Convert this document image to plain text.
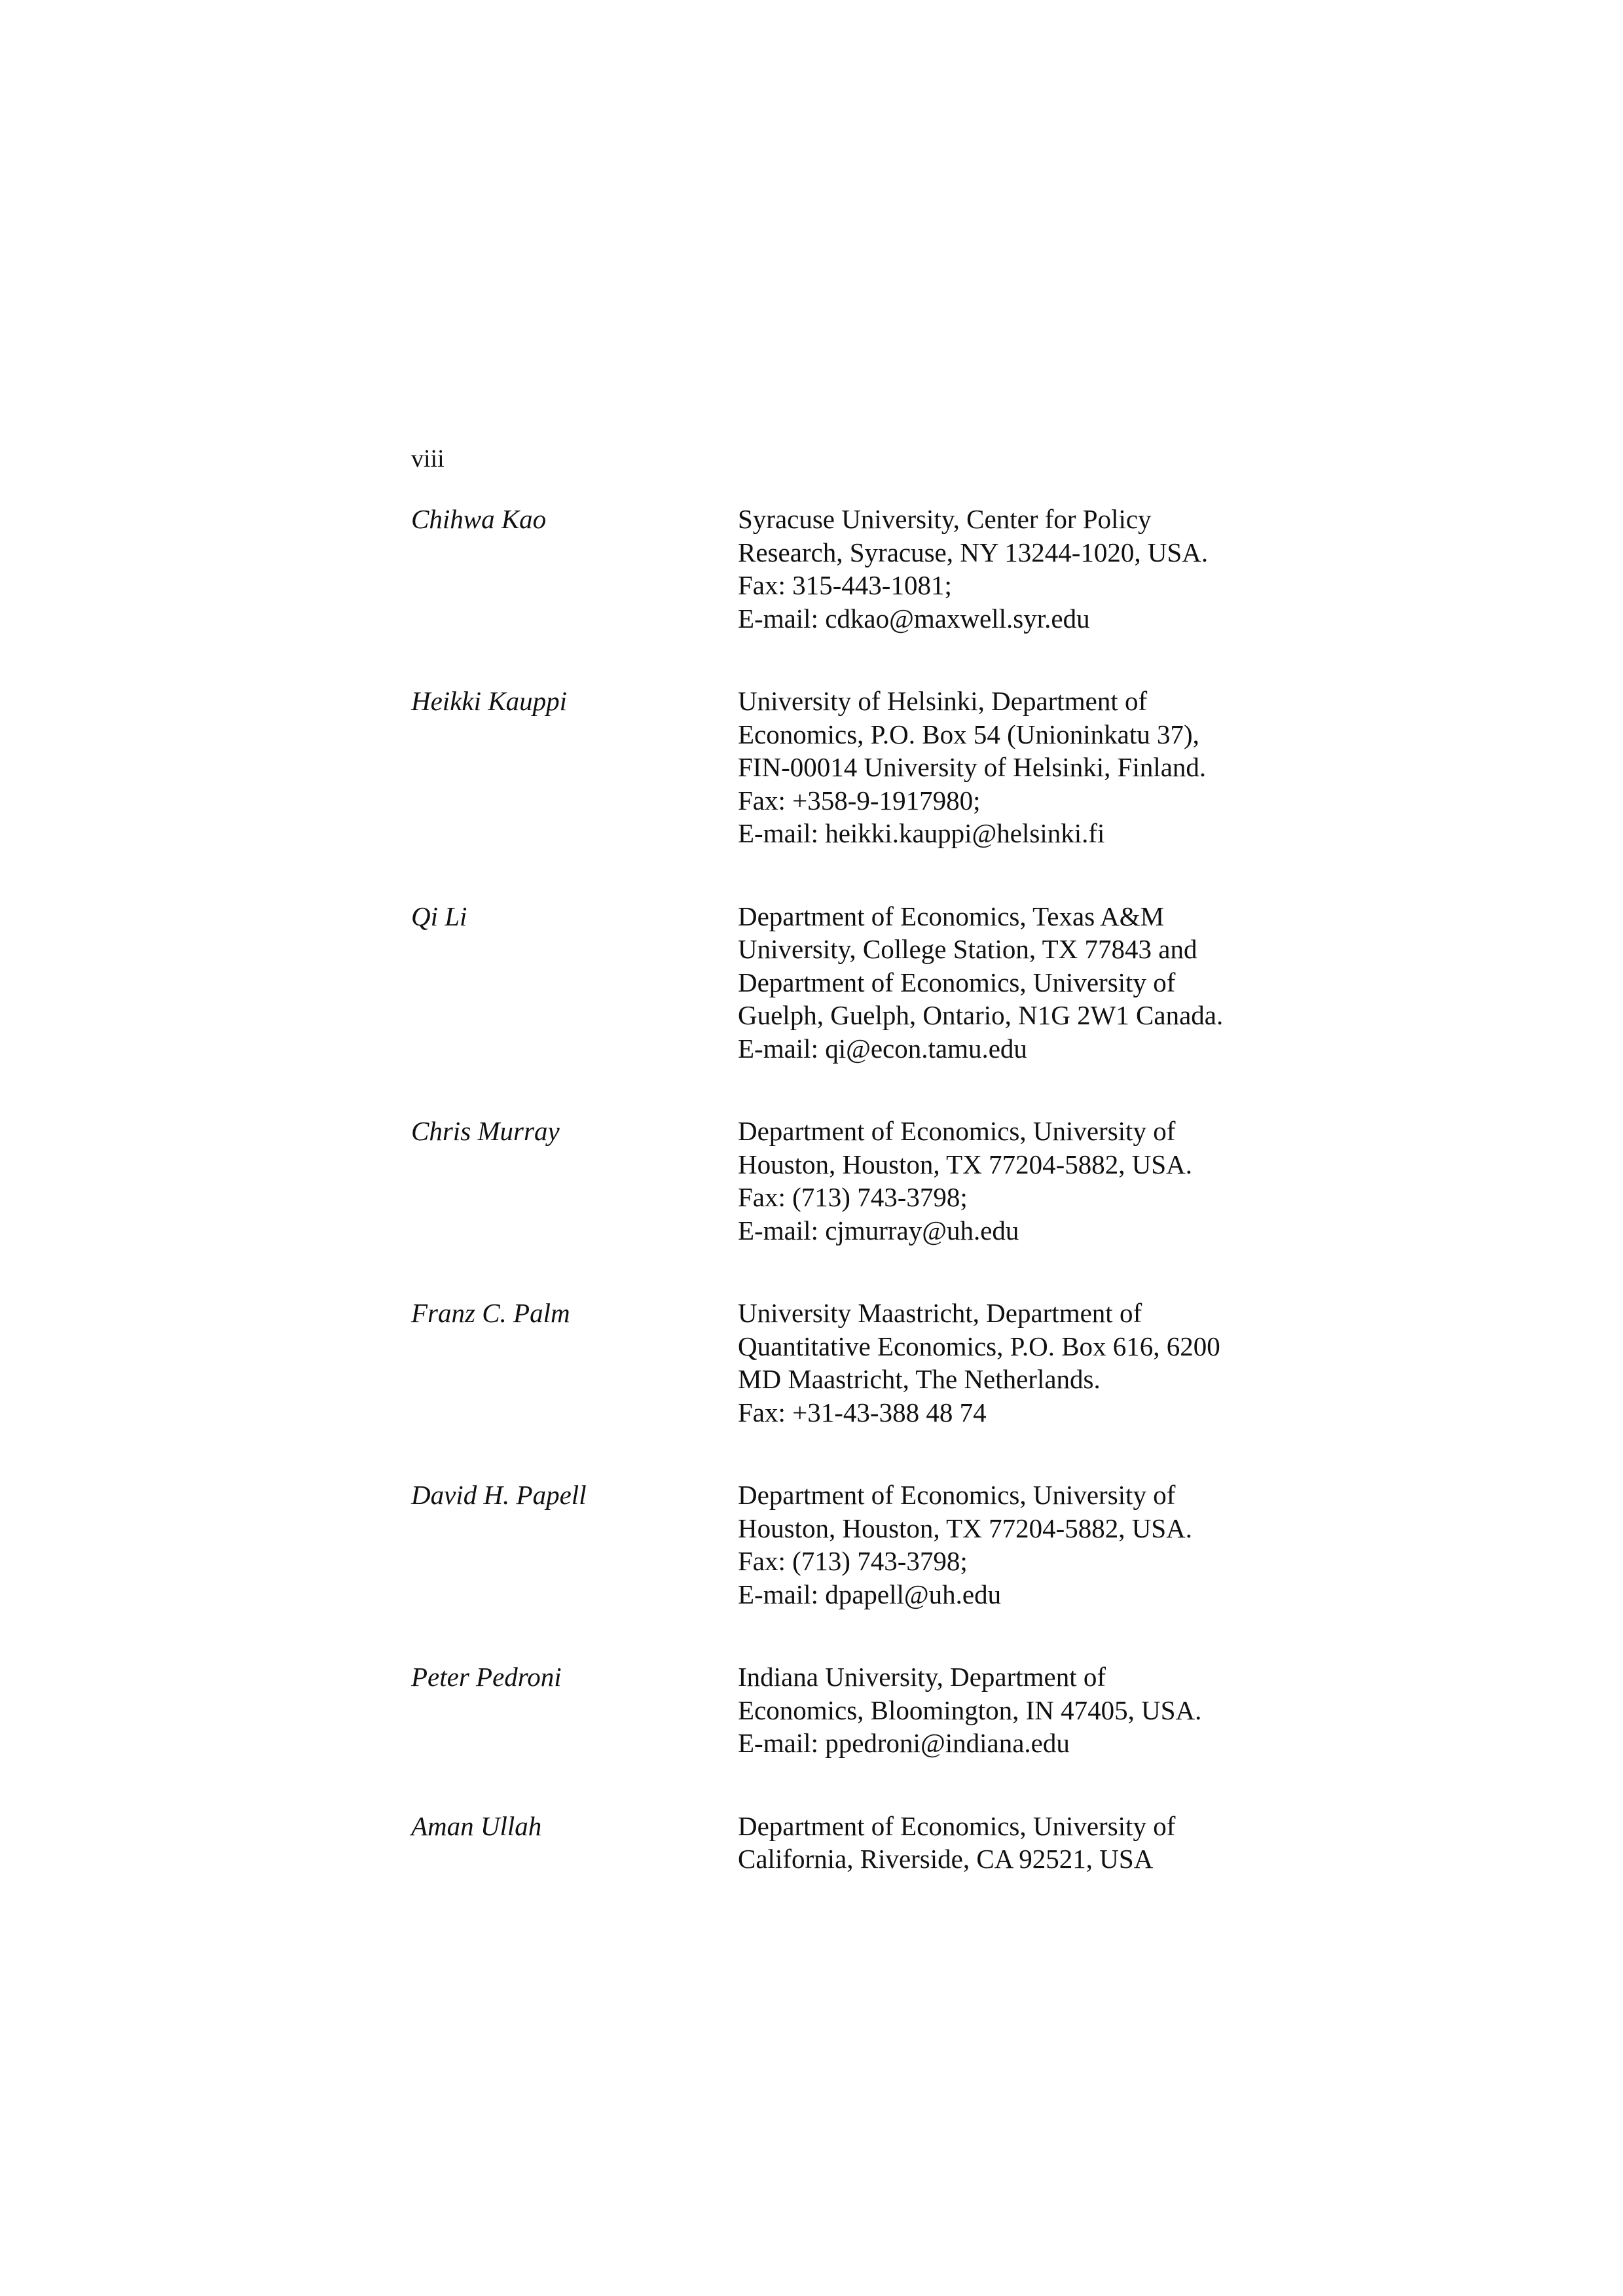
viii
Chihwa Kao	Syracuse University, Center for Policy
Research, Syracuse, NY 13244-1020, USA.
Fax: 315-443-1081;
E-mail: cdkao@maxwell.syr.edu
Heikki Kauppi	University of Helsinki, Department of
Economics, P.O. Box 54 (Unioninkatu 37),
FIN-00014 University of Helsinki, Finland.
Fax: +358-9-1917980;
E-mail: heikki.kauppi@helsinki.fi
Qi Li	Department of Economics, Texas A&M
University, College Station, TX 77843 and
Department of Economics, University of
Guelph, Guelph, Ontario, N1G 2W1 Canada.
E-mail: qi@econ.tamu.edu
Chris Murray	Department of Economics, University of
Houston, Houston, TX 77204-5882, USA.
Fax: (713) 743-3798;
E-mail: cjmurray@uh.edu
Franz C. Palm	University Maastricht, Department of
Quantitative Economics, P.O. Box 616, 6200
MD Maastricht, The Netherlands.
Fax: +31-43-388 48 74
David H. Papell	Department of Economics, University of
Houston, Houston, TX 77204-5882, USA.
Fax: (713) 743-3798;
E-mail: dpapell@uh.edu
Peter Pedroni	Indiana University, Department of
Economics, Bloomington, IN 47405, USA.
E-mail: ppedroni@indiana.edu
Aman Ullah	Department of Economics, University of
California, Riverside, CA 92521, USA
